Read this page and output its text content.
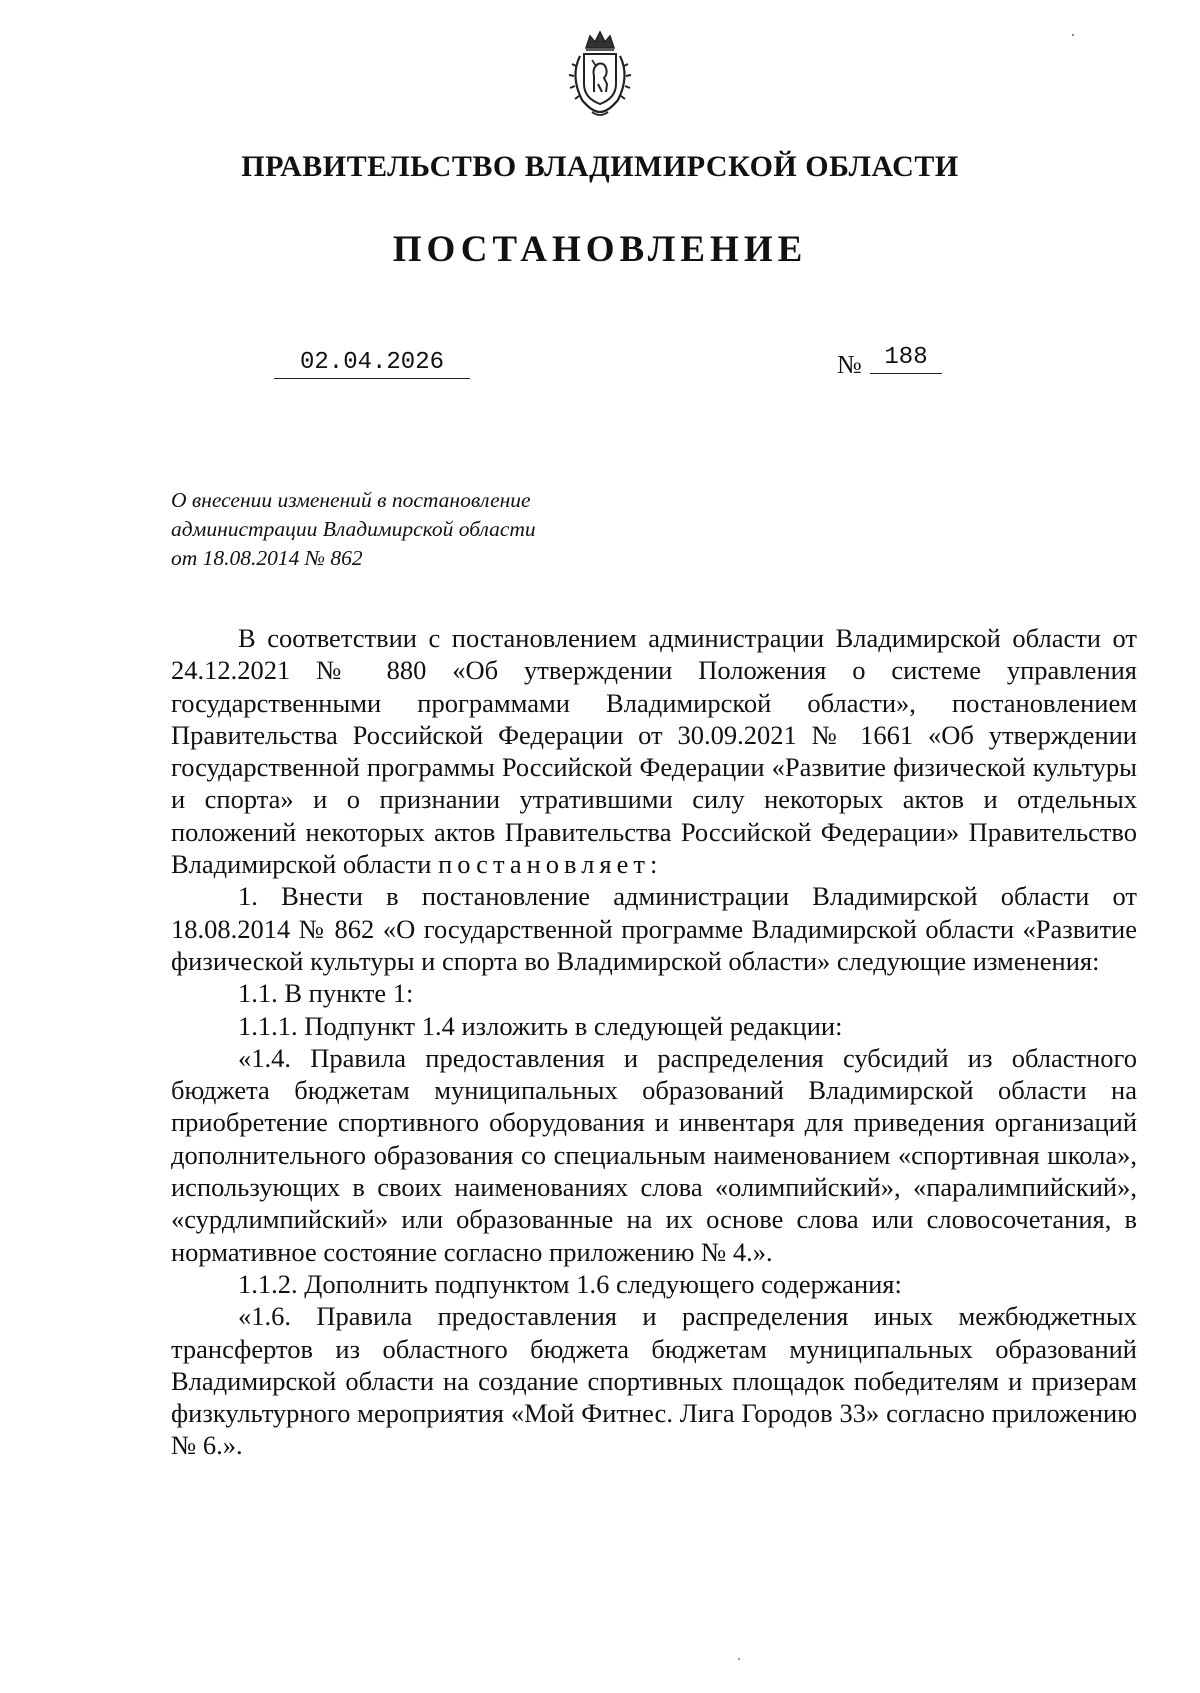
ПРАВИТЕЛЬСТВО ВЛАДИМИРСКОЙ ОБЛАСТИ
ПОСТАНОВЛЕНИЕ
02.04.2026	№ 188
О внесении изменений в постановление
администрации Владимирской области
от 18.08.2014 № 862

В соответствии с постановлением администрации Владимирской области от 24.12.2021 № 880 «Об утверждении Положения о системе управления государственными программами Владимирской области», постановлением Правительства Российской Федерации от 30.09.2021 № 1661 «Об утверждении государственной программы Российской Федерации «Развитие физической культуры и спорта» и о признании утратившими силу некоторых актов и отдельных положений некоторых актов Правительства Российской Федерации» Правительство Владимирской области постановляет:

1. Внести в постановление администрации Владимирской области от 18.08.2014 № 862 «О государственной программе Владимирской области «Развитие физической культуры и спорта во Владимирской области» следующие изменения:

1.1. В пункте 1:

1.1.1. Подпункт 1.4 изложить в следующей редакции:

«1.4. Правила предоставления и распределения субсидий из областного бюджета бюджетам муниципальных образований Владимирской области на приобретение спортивного оборудования и инвентаря для приведения организаций дополнительного образования со специальным наименованием «спортивная школа», использующих в своих наименованиях слова «олимпийский», «паралимпийский», «сурдлимпийский» или образованные на их основе слова или словосочетания, в нормативное состояние согласно приложению № 4.».

1.1.2. Дополнить подпунктом 1.6 следующего содержания:

«1.6. Правила предоставления и распределения иных межбюджетных трансфертов из областного бюджета бюджетам муниципальных образований Владимирской области на создание спортивных площадок победителям и призерам физкультурного мероприятия «Мой Фитнес. Лига Городов 33» согласно приложению № 6.».
